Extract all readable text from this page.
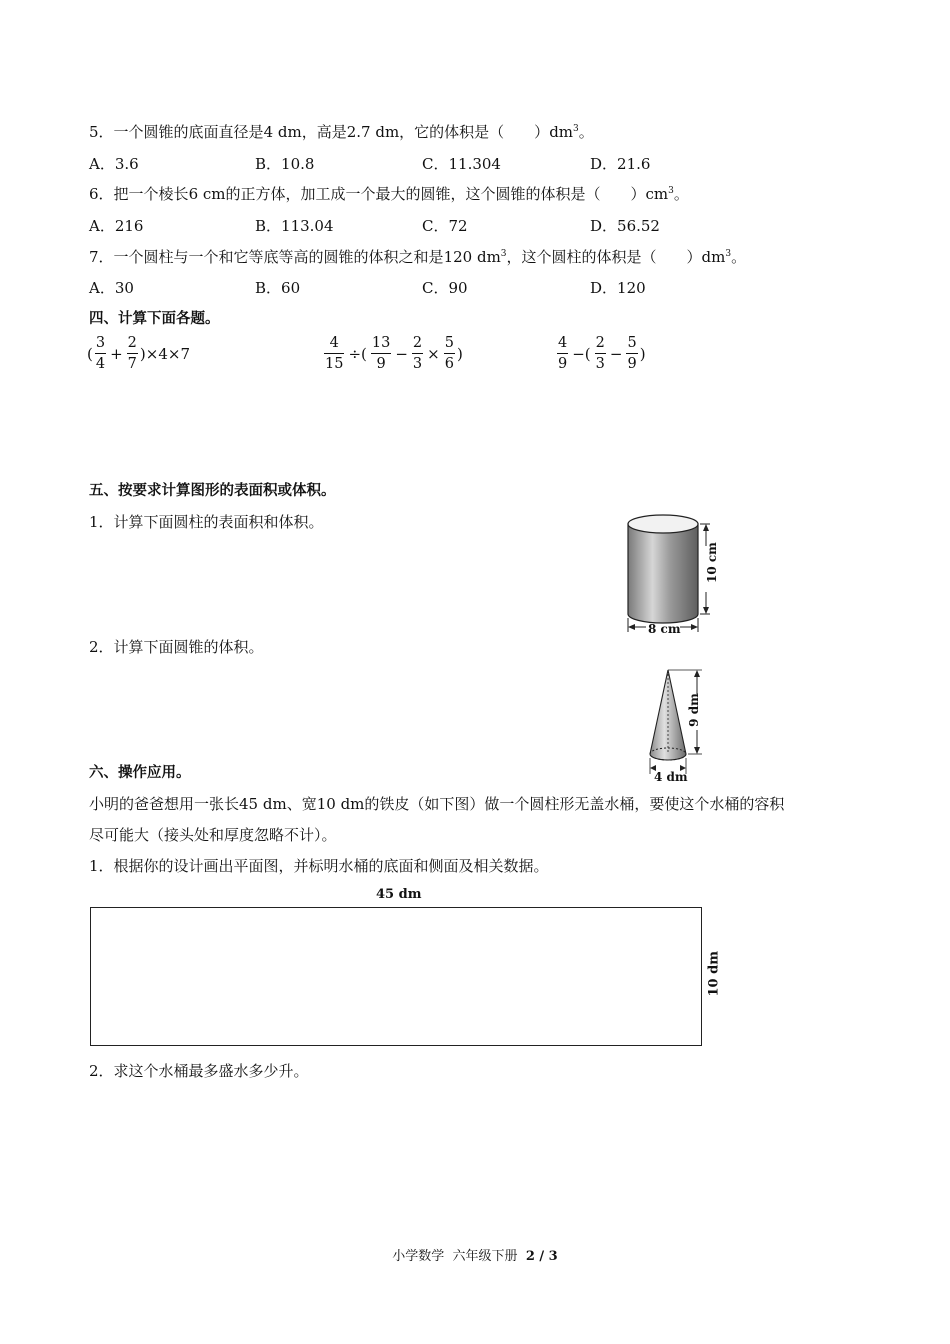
5．一个圆锥的底面直径是4 dm，高是2.7 dm，它的体积是（　　）$dm^3$。
A．3.6	B．10.8	C．11.304	D．21.6
6．把一个棱长6 cm的正方体，加工成一个最大的圆锥，这个圆锥的体积是（　　）$cm^3$。
A．216	B．113.04	C．72	D．56.52
7．一个圆柱与一个和它等底等高的圆锥的体积之和是120 $dm^3$，这个圆柱的体积是（　　）$dm^3$。
A．30	B．60	C．90	D．120
四、计算下面各题。
( $\frac{3}{4} + \frac{2}{7} )\times 4\times 7$	$\frac{4}{15}$ ÷( $\frac{13}{9} - \frac{2}{3} \times \frac{5}{6}$ )	$\frac{4}{9}$ −( $\frac{2}{3} - \frac{5}{9}$ )
五、按要求计算图形的表面积或体积。
1．计算下面圆柱的表面积和体积。
10 cm
8 cm
2．计算下面圆锥的体积。
9 dm
4 dm
六、操作应用。
小明的爸爸想用一张长45 dm、宽10 dm的铁皮（如下图）做一个圆柱形无盖水桶，要使这个水桶的容积
尽可能大（接头处和厚度忽略不计）。
1．根据你的设计画出平面图，并标明水桶的底面和侧面及相关数据。
45 dm
10 dm
2．求这个水桶最多盛水多少升。
小学数学 六年级下册 2 / 3
